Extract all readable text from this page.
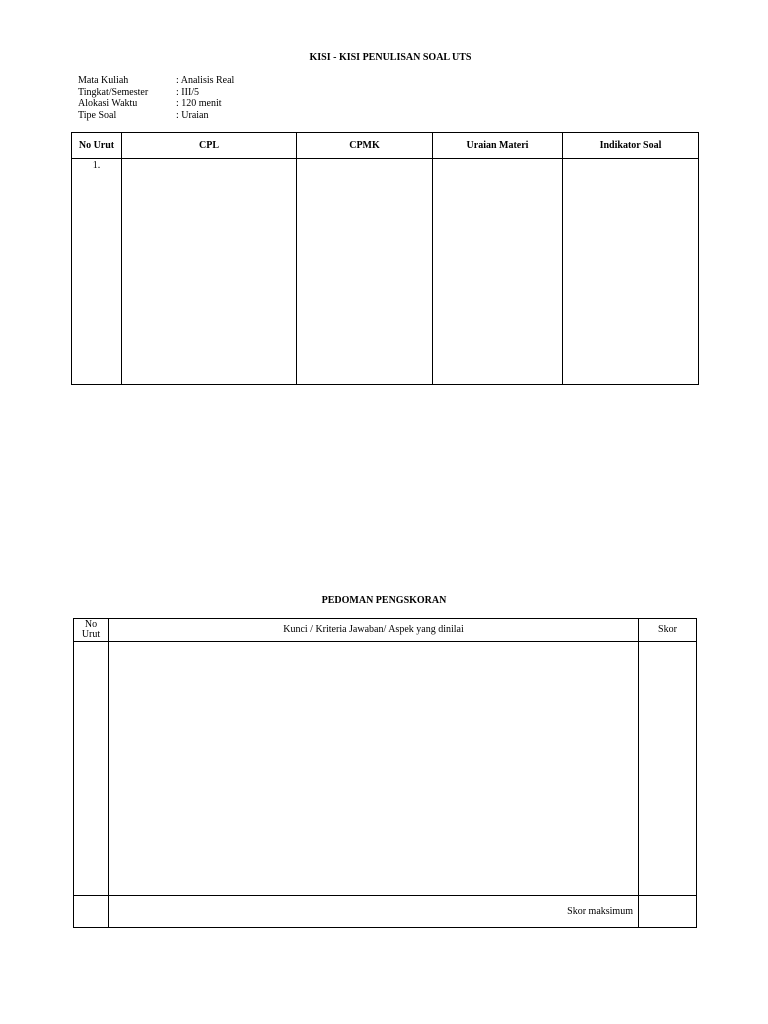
KISI - KISI PENULISAN SOAL UTS
Mata Kuliah	: Analisis Real
Tingkat/Semester	: III/5
Alokasi Waktu	: 120 menit
Tipe Soal	: Uraian
No Urut	CPL	CPMK	Uraian Materi	Indikator Soal
1.				
PEDOMAN PENGSKORAN
No
Urut	Kunci / Kriteria Jawaban/ Aspek yang dinilai	Skor

	Skor maksimum	
